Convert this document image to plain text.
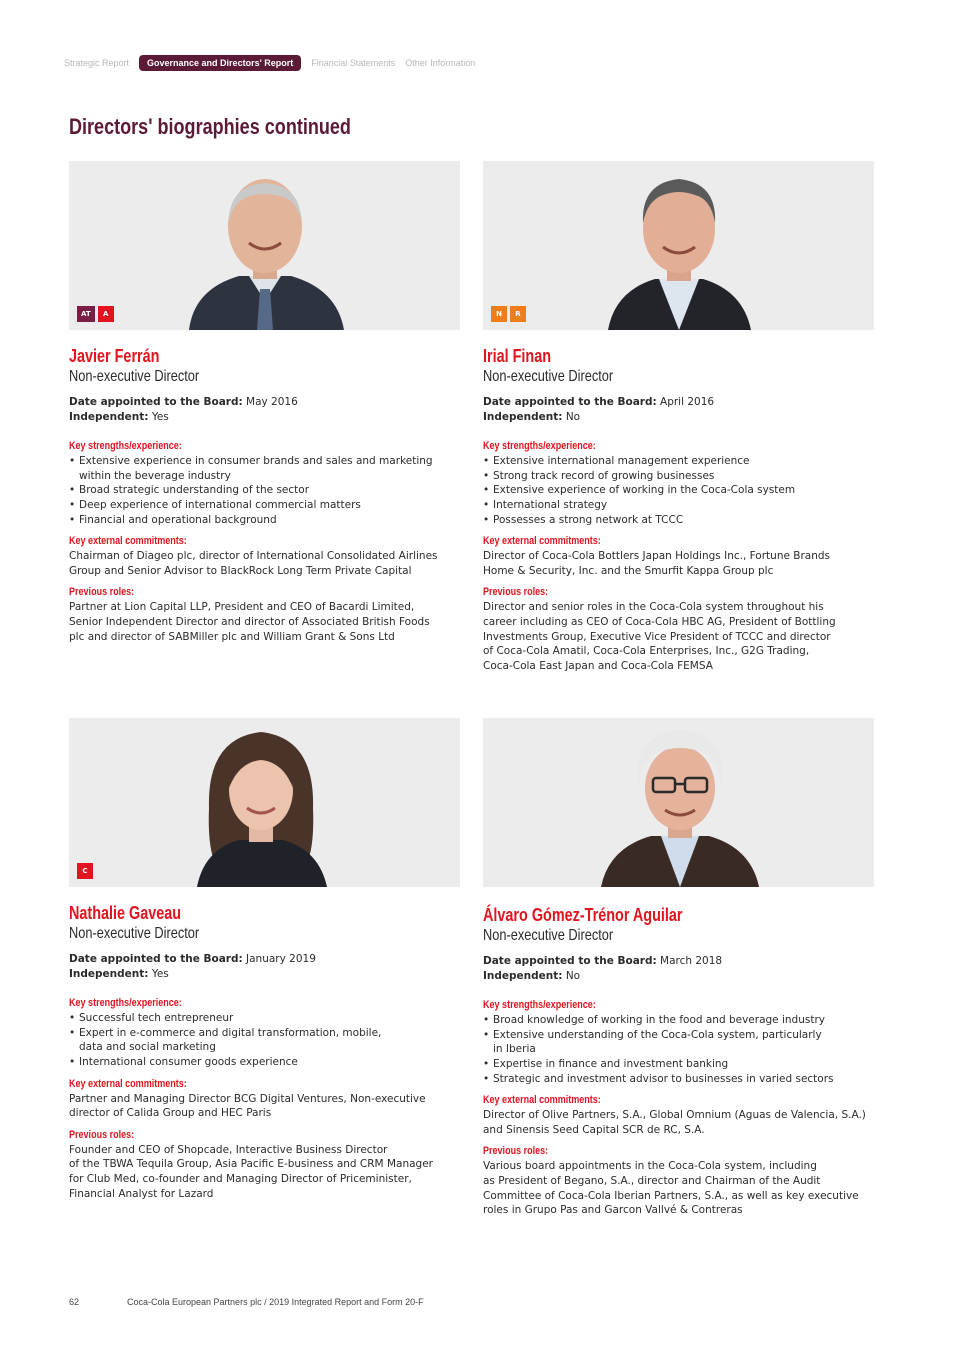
Strategic Report	Governance and Directors' Report	Financial Statements Other Information
Directors' biographies continued
AT	A
Javier Ferrán
Non-executive Director
Date appointed to the Board: May 2016
Independent: Yes
Key strengths/experience:
• Extensive experience in consumer brands and sales and marketing
within the beverage industry
• Broad strategic understanding of the sector
• Deep experience of international commercial matters
• Financial and operational background
Key external commitments:
Chairman of Diageo plc, director of International Consolidated Airlines
Group and Senior Advisor to BlackRock Long Term Private Capital
Previous roles:
Partner at Lion Capital LLP, President and CEO of Bacardi Limited,
Senior Independent Director and director of Associated British Foods
plc and director of SABMiller plc and William Grant & Sons Ltd
N	R
Irial Finan
Non-executive Director
Date appointed to the Board: April 2016
Independent: No
Key strengths/experience:
• Extensive international management experience
• Strong track record of growing businesses
• Extensive experience of working in the Coca-Cola system
• International strategy
• Possesses a strong network at TCCC
Key external commitments:
Director of Coca-Cola Bottlers Japan Holdings Inc., Fortune Brands
Home & Security, Inc. and the Smurfit Kappa Group plc
Previous roles:
Director and senior roles in the Coca-Cola system throughout his
career including as CEO of Coca-Cola HBC AG, President of Bottling
Investments Group, Executive Vice President of TCCC and director
of Coca-Cola Amatil, Coca-Cola Enterprises, Inc., G2G Trading,
Coca-Cola East Japan and Coca-Cola FEMSA
C
Nathalie Gaveau
Non-executive Director
Date appointed to the Board: January 2019
Independent: Yes
Key strengths/experience:
• Successful tech entrepreneur
• Expert in e-commerce and digital transformation, mobile,
data and social marketing
• International consumer goods experience
Key external commitments:
Partner and Managing Director BCG Digital Ventures, Non-executive
director of Calida Group and HEC Paris
Previous roles:
Founder and CEO of Shopcade, Interactive Business Director
of the TBWA Tequila Group, Asia Pacific E-business and CRM Manager
for Club Med, co-founder and Managing Director of Priceminister,
Financial Analyst for Lazard
Álvaro Gómez-Trénor Aguilar
Non-executive Director
Date appointed to the Board: March 2018
Independent: No
Key strengths/experience:
• Broad knowledge of working in the food and beverage industry
• Extensive understanding of the Coca-Cola system, particularly
in Iberia
• Expertise in finance and investment banking
• Strategic and investment advisor to businesses in varied sectors
Key external commitments:
Director of Olive Partners, S.A., Global Omnium (Aguas de Valencia, S.A.)
and Sinensis Seed Capital SCR de RC, S.A.
Previous roles:
Various board appointments in the Coca-Cola system, including
as President of Begano, S.A., director and Chairman of the Audit
Committee of Coca-Cola Iberian Partners, S.A., as well as key executive
roles in Grupo Pas and Garcon Vallvé & Contreras
62	Coca-Cola European Partners plc / 2019 Integrated Report and Form 20-F
